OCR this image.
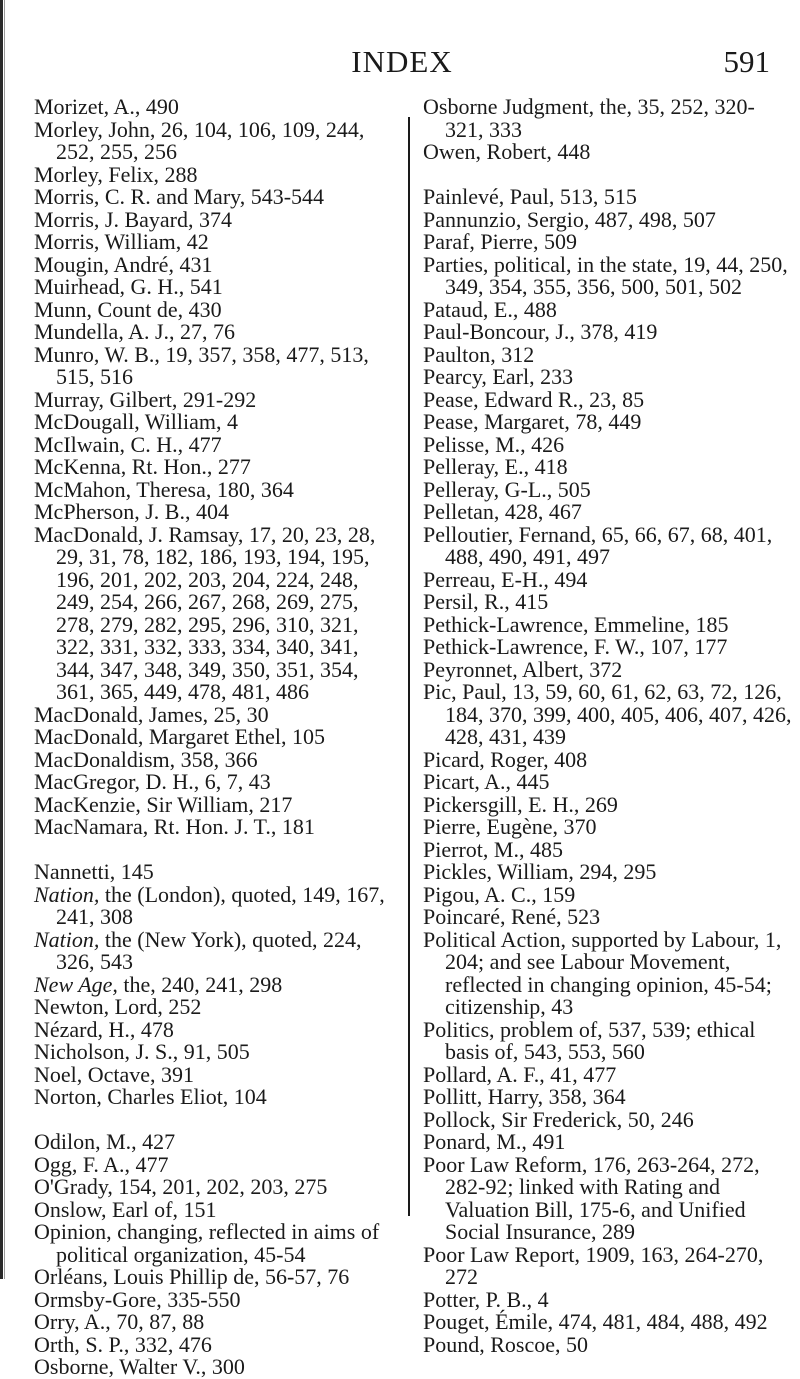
INDEX	591
Morizet, A., 490
Morley, John, 26, 104, 106, 109, 244, 252, 255, 256
Morley, Felix, 288
Morris, C. R. and Mary, 543-544
Morris, J. Bayard, 374
Morris, William, 42
Mougin, André, 431
Muirhead, G. H., 541
Munn, Count de, 430
Mundella, A. J., 27, 76
Munro, W. B., 19, 357, 358, 477, 513, 515, 516
Murray, Gilbert, 291-292
McDougall, William, 4
McIlwain, C. H., 477
McKenna, Rt. Hon., 277
McMahon, Theresa, 180, 364
McPherson, J. B., 404
MacDonald, J. Ramsay, 17, 20, 23, 28, 29, 31, 78, 182, 186, 193, 194, 195, 196, 201, 202, 203, 204, 224, 248, 249, 254, 266, 267, 268, 269, 275, 278, 279, 282, 295, 296, 310, 321, 322, 331, 332, 333, 334, 340, 341, 344, 347, 348, 349, 350, 351, 354, 361, 365, 449, 478, 481, 486
MacDonald, James, 25, 30
MacDonald, Margaret Ethel, 105
MacDonaldism, 358, 366
MacGregor, D. H., 6, 7, 43
MacKenzie, Sir William, 217
MacNamara, Rt. Hon. J. T., 181
Nannetti, 145
Nation, the (London), quoted, 149, 167, 241, 308
Nation, the (New York), quoted, 224, 326, 543
New Age, the, 240, 241, 298
Newton, Lord, 252
Nézard, H., 478
Nicholson, J. S., 91, 505
Noel, Octave, 391
Norton, Charles Eliot, 104
Odilon, M., 427
Ogg, F. A., 477
O'Grady, 154, 201, 202, 203, 275
Onslow, Earl of, 151
Opinion, changing, reflected in aims of political organization, 45-54
Orléans, Louis Phillip de, 56-57, 76
Ormsby-Gore, 335-550
Orry, A., 70, 87, 88
Orth, S. P., 332, 476
Osborne, Walter V., 300
Osborne Judgment, the, 35, 252, 320-321, 333
Owen, Robert, 448
Painlevé, Paul, 513, 515
Pannunzio, Sergio, 487, 498, 507
Paraf, Pierre, 509
Parties, political, in the state, 19, 44, 250, 349, 354, 355, 356, 500, 501, 502
Pataud, E., 488
Paul-Boncour, J., 378, 419
Paulton, 312
Pearcy, Earl, 233
Pease, Edward R., 23, 85
Pease, Margaret, 78, 449
Pelisse, M., 426
Pelleray, E., 418
Pelleray, G-L., 505
Pelletan, 428, 467
Pelloutier, Fernand, 65, 66, 67, 68, 401, 488, 490, 491, 497
Perreau, E-H., 494
Persil, R., 415
Pethick-Lawrence, Emmeline, 185
Pethick-Lawrence, F. W., 107, 177
Peyronnet, Albert, 372
Pic, Paul, 13, 59, 60, 61, 62, 63, 72, 126, 184, 370, 399, 400, 405, 406, 407, 426, 428, 431, 439
Picard, Roger, 408
Picart, A., 445
Pickersgill, E. H., 269
Pierre, Eugène, 370
Pierrot, M., 485
Pickles, William, 294, 295
Pigou, A. C., 159
Poincaré, René, 523
Political Action, supported by Labour, 1, 204; and see Labour Movement, reflected in changing opinion, 45-54; citizenship, 43
Politics, problem of, 537, 539; ethical basis of, 543, 553, 560
Pollard, A. F., 41, 477
Pollitt, Harry, 358, 364
Pollock, Sir Frederick, 50, 246
Ponard, M., 491
Poor Law Reform, 176, 263-264, 272, 282-92; linked with Rating and Valuation Bill, 175-6, and Unified Social Insurance, 289
Poor Law Report, 1909, 163, 264-270, 272
Potter, P. B., 4
Pouget, Émile, 474, 481, 484, 488, 492
Pound, Roscoe, 50
